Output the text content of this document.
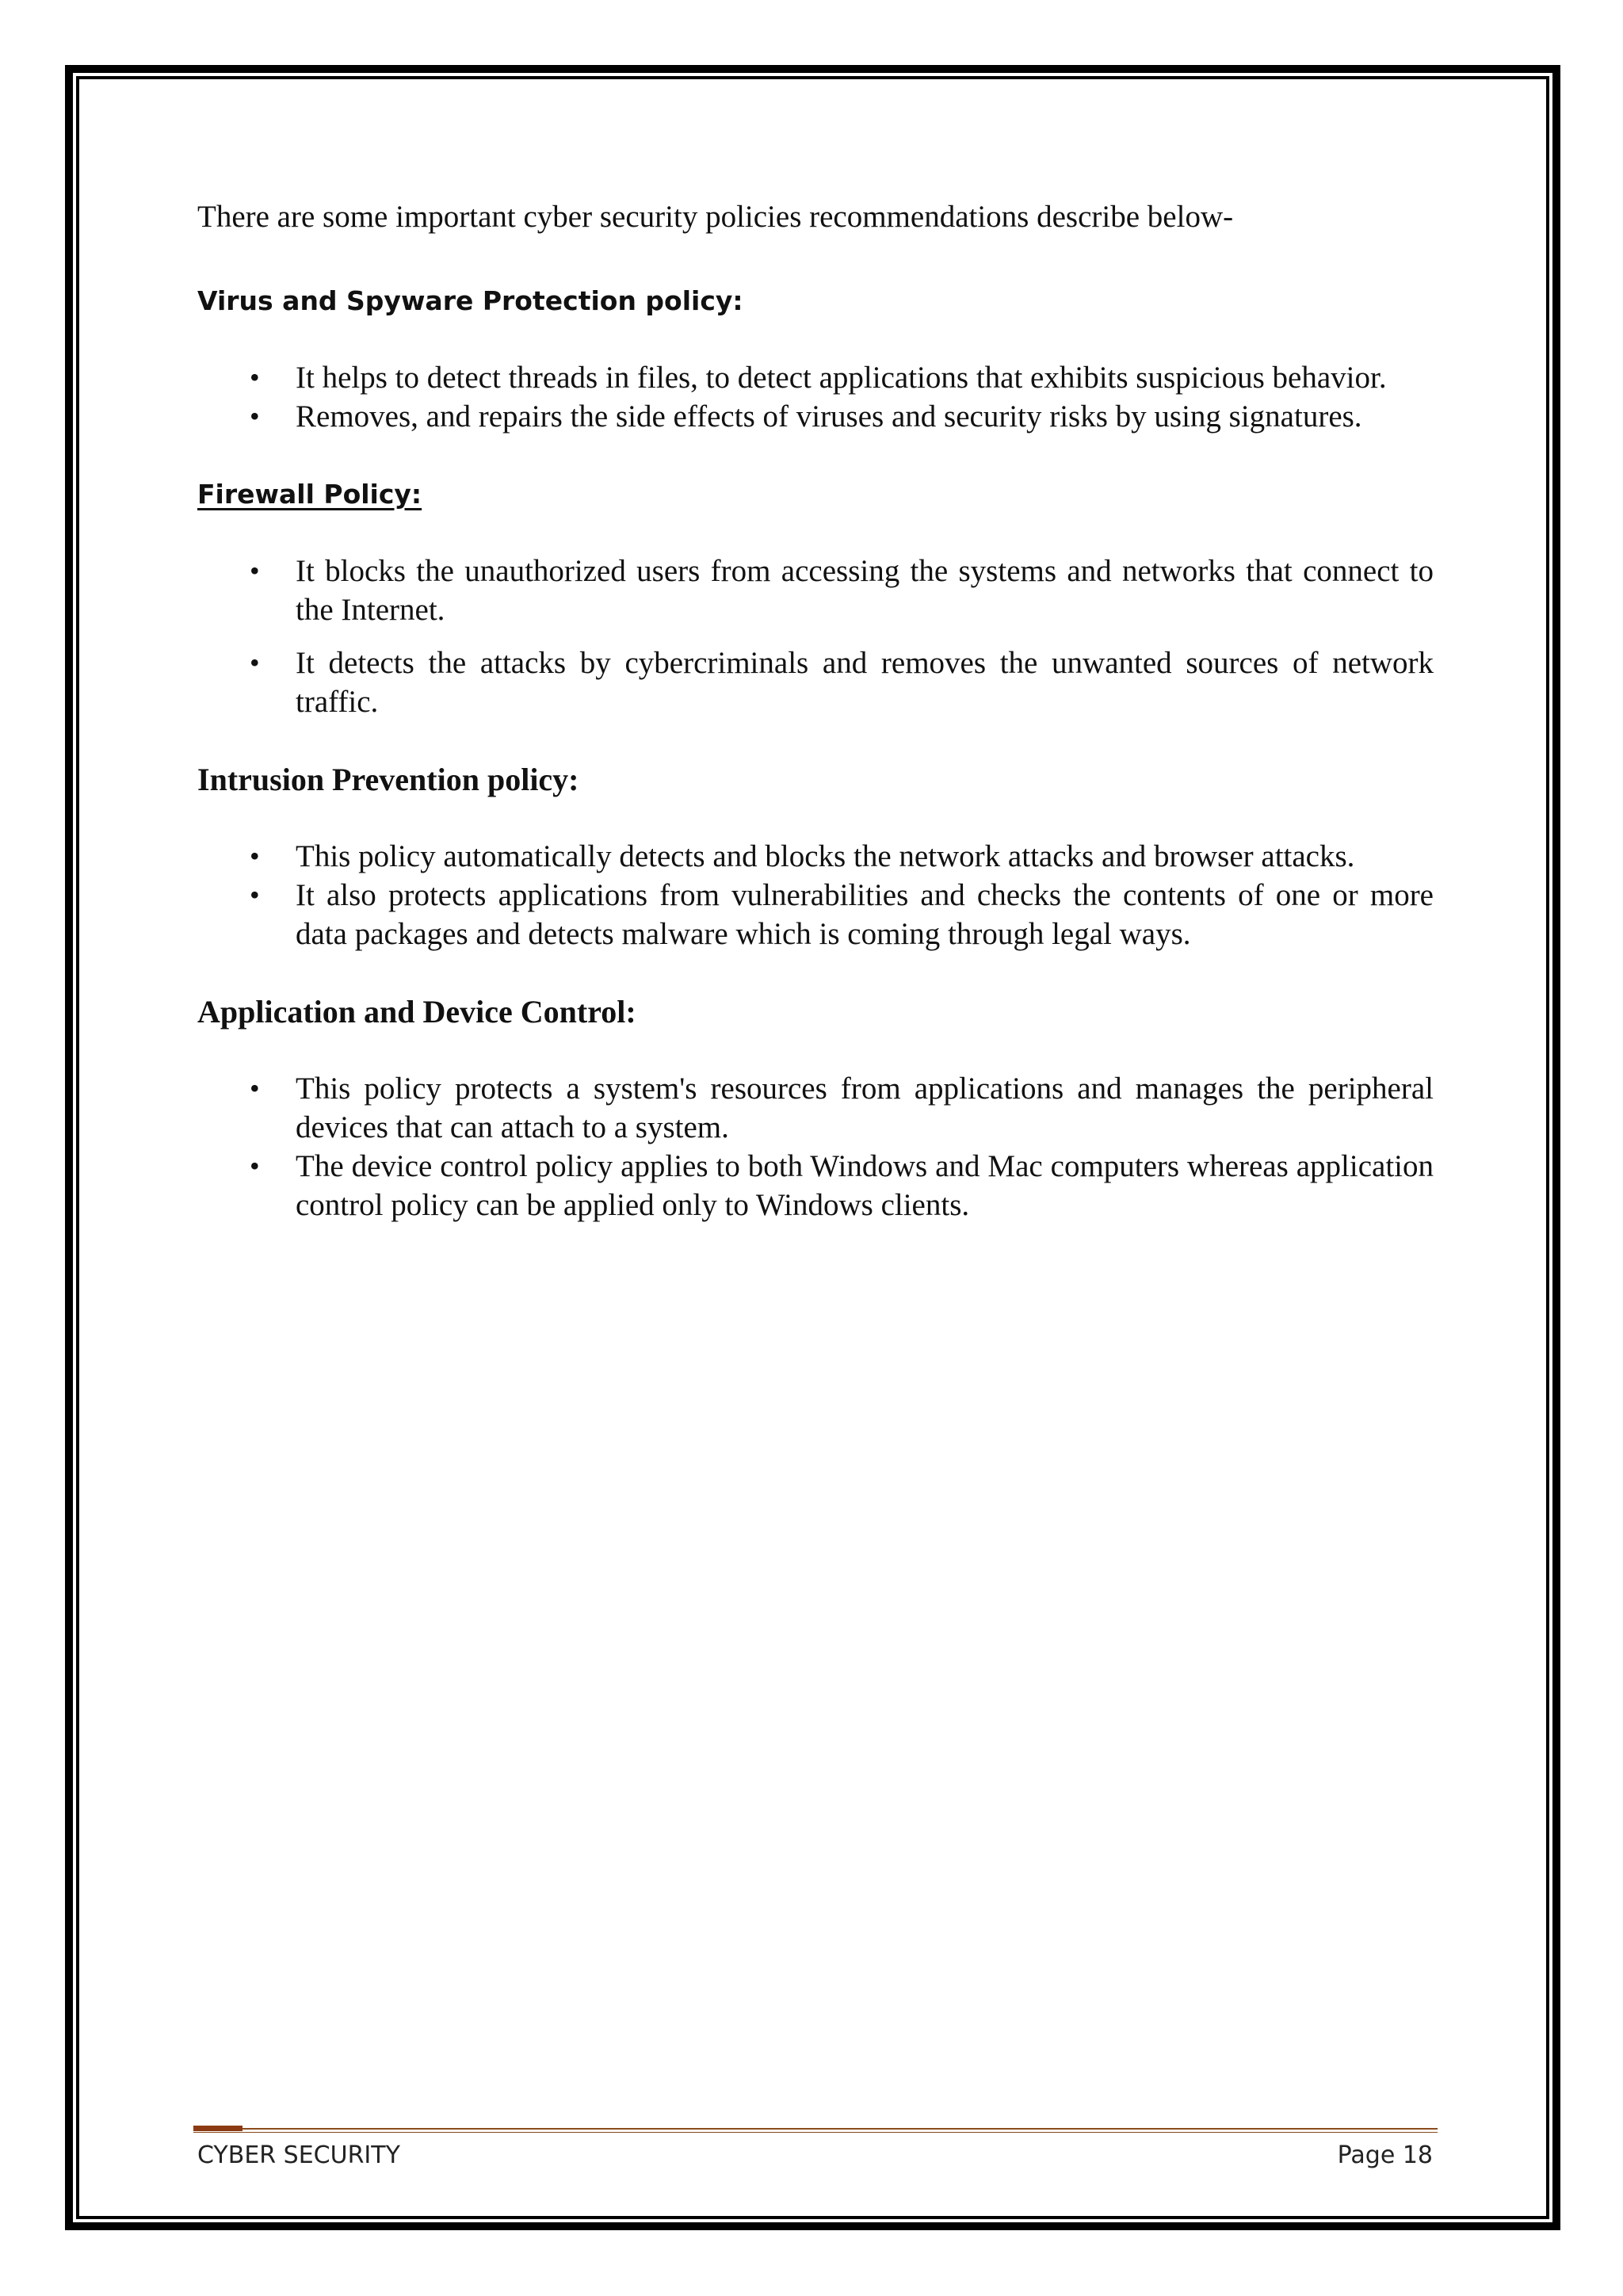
There are some important cyber security policies recommendations describe below-

Virus and Spyware Protection policy:
• It helps to detect threads in files, to detect applications that exhibits suspicious behavior.
• Removes, and repairs the side effects of viruses and security risks by using signatures.
Firewall Policy:
• It blocks the unauthorized users from accessing the systems and networks that connect to the Internet.
• It detects the attacks by cybercriminals and removes the unwanted sources of network traffic.
Intrusion Prevention policy:
• This policy automatically detects and blocks the network attacks and browser attacks.
• It also protects applications from vulnerabilities and checks the contents of one or more data packages and detects malware which is coming through legal ways.
Application and Device Control:
• This policy protects a system's resources from applications and manages the peripheral devices that can attach to a system.
• The device control policy applies to both Windows and Mac computers whereas application control policy can be applied only to Windows clients.
CYBER SECURITY	Page 18
